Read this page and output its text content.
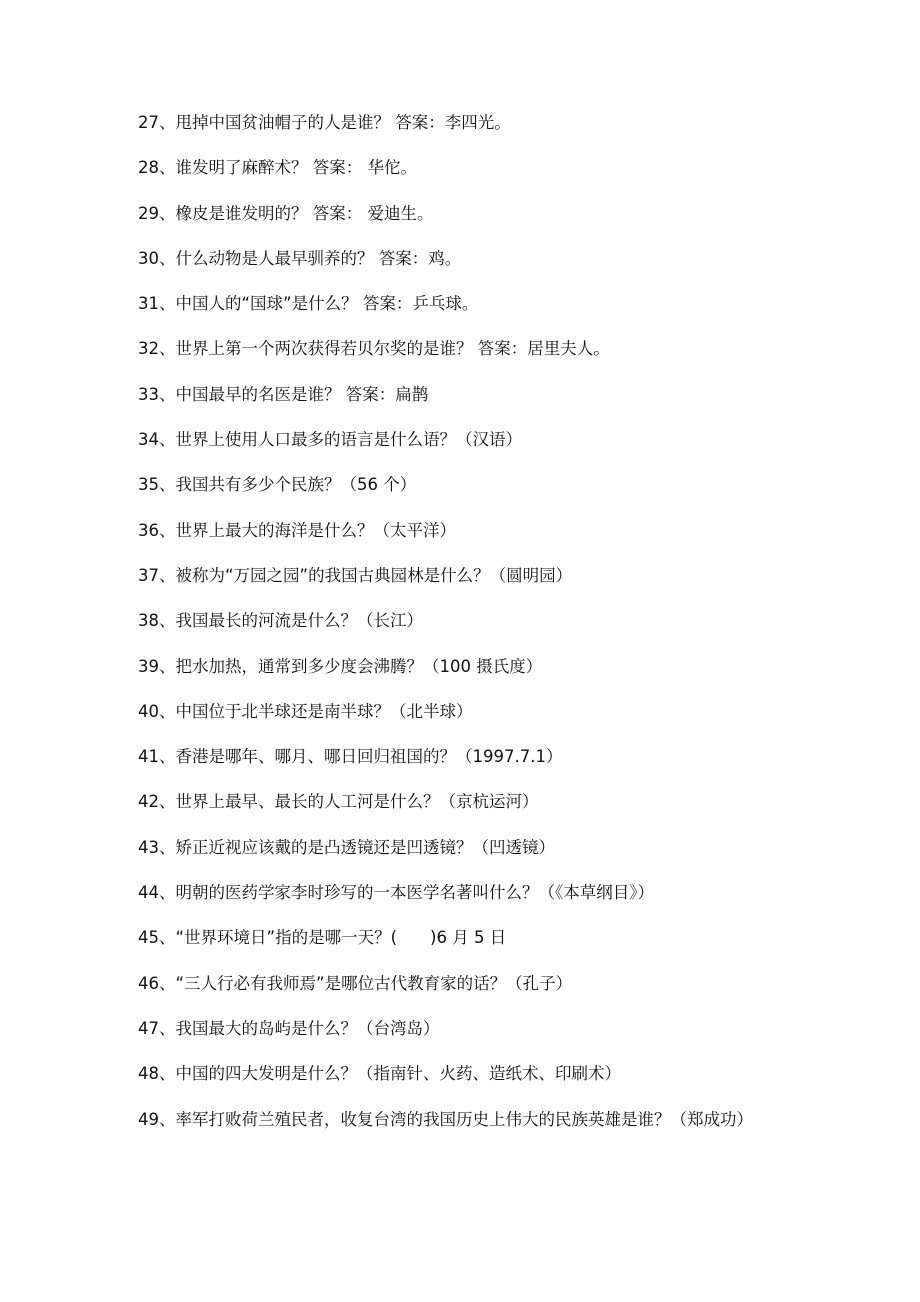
27、甩掉中国贫油帽子的人是谁？ 答案：李四光。
28、谁发明了麻醉术？ 答案： 华佗。
29、橡皮是谁发明的？ 答案： 爱迪生。
30、什么动物是人最早驯养的？ 答案：鸡。
31、中国人的“国球”是什么？ 答案：乒乓球。
32、世界上第一个两次获得若贝尔奖的是谁？ 答案：居里夫人。
33、中国最早的名医是谁？ 答案：扁鹊
34、世界上使用人口最多的语言是什么语？（汉语）
35、我国共有多少个民族？（56 个）
36、世界上最大的海洋是什么？（太平洋）
37、被称为“万园之园”的我国古典园林是什么？（圆明园）
38、我国最长的河流是什么？（长江）
39、把水加热，通常到多少度会沸腾？（100 摄氏度）
40、中国位于北半球还是南半球？（北半球）
41、香港是哪年、哪月、哪日回归祖国的？（1997.7.1）
42、世界上最早、最长的人工河是什么？（京杭运河）
43、矫正近视应该戴的是凸透镜还是凹透镜？（凹透镜）
44、明朝的医药学家李时珍写的一本医学名著叫什么？（《本草纲目》）
45、“世界环境日”指的是哪一天？(　　)6 月 5 日
46、“三人行必有我师焉”是哪位古代教育家的话？（孔子）
47、我国最大的岛屿是什么？（台湾岛）
48、中国的四大发明是什么？（指南针、火药、造纸术、印刷术）
49、率军打败荷兰殖民者，收复台湾的我国历史上伟大的民族英雄是谁？（郑成功）
